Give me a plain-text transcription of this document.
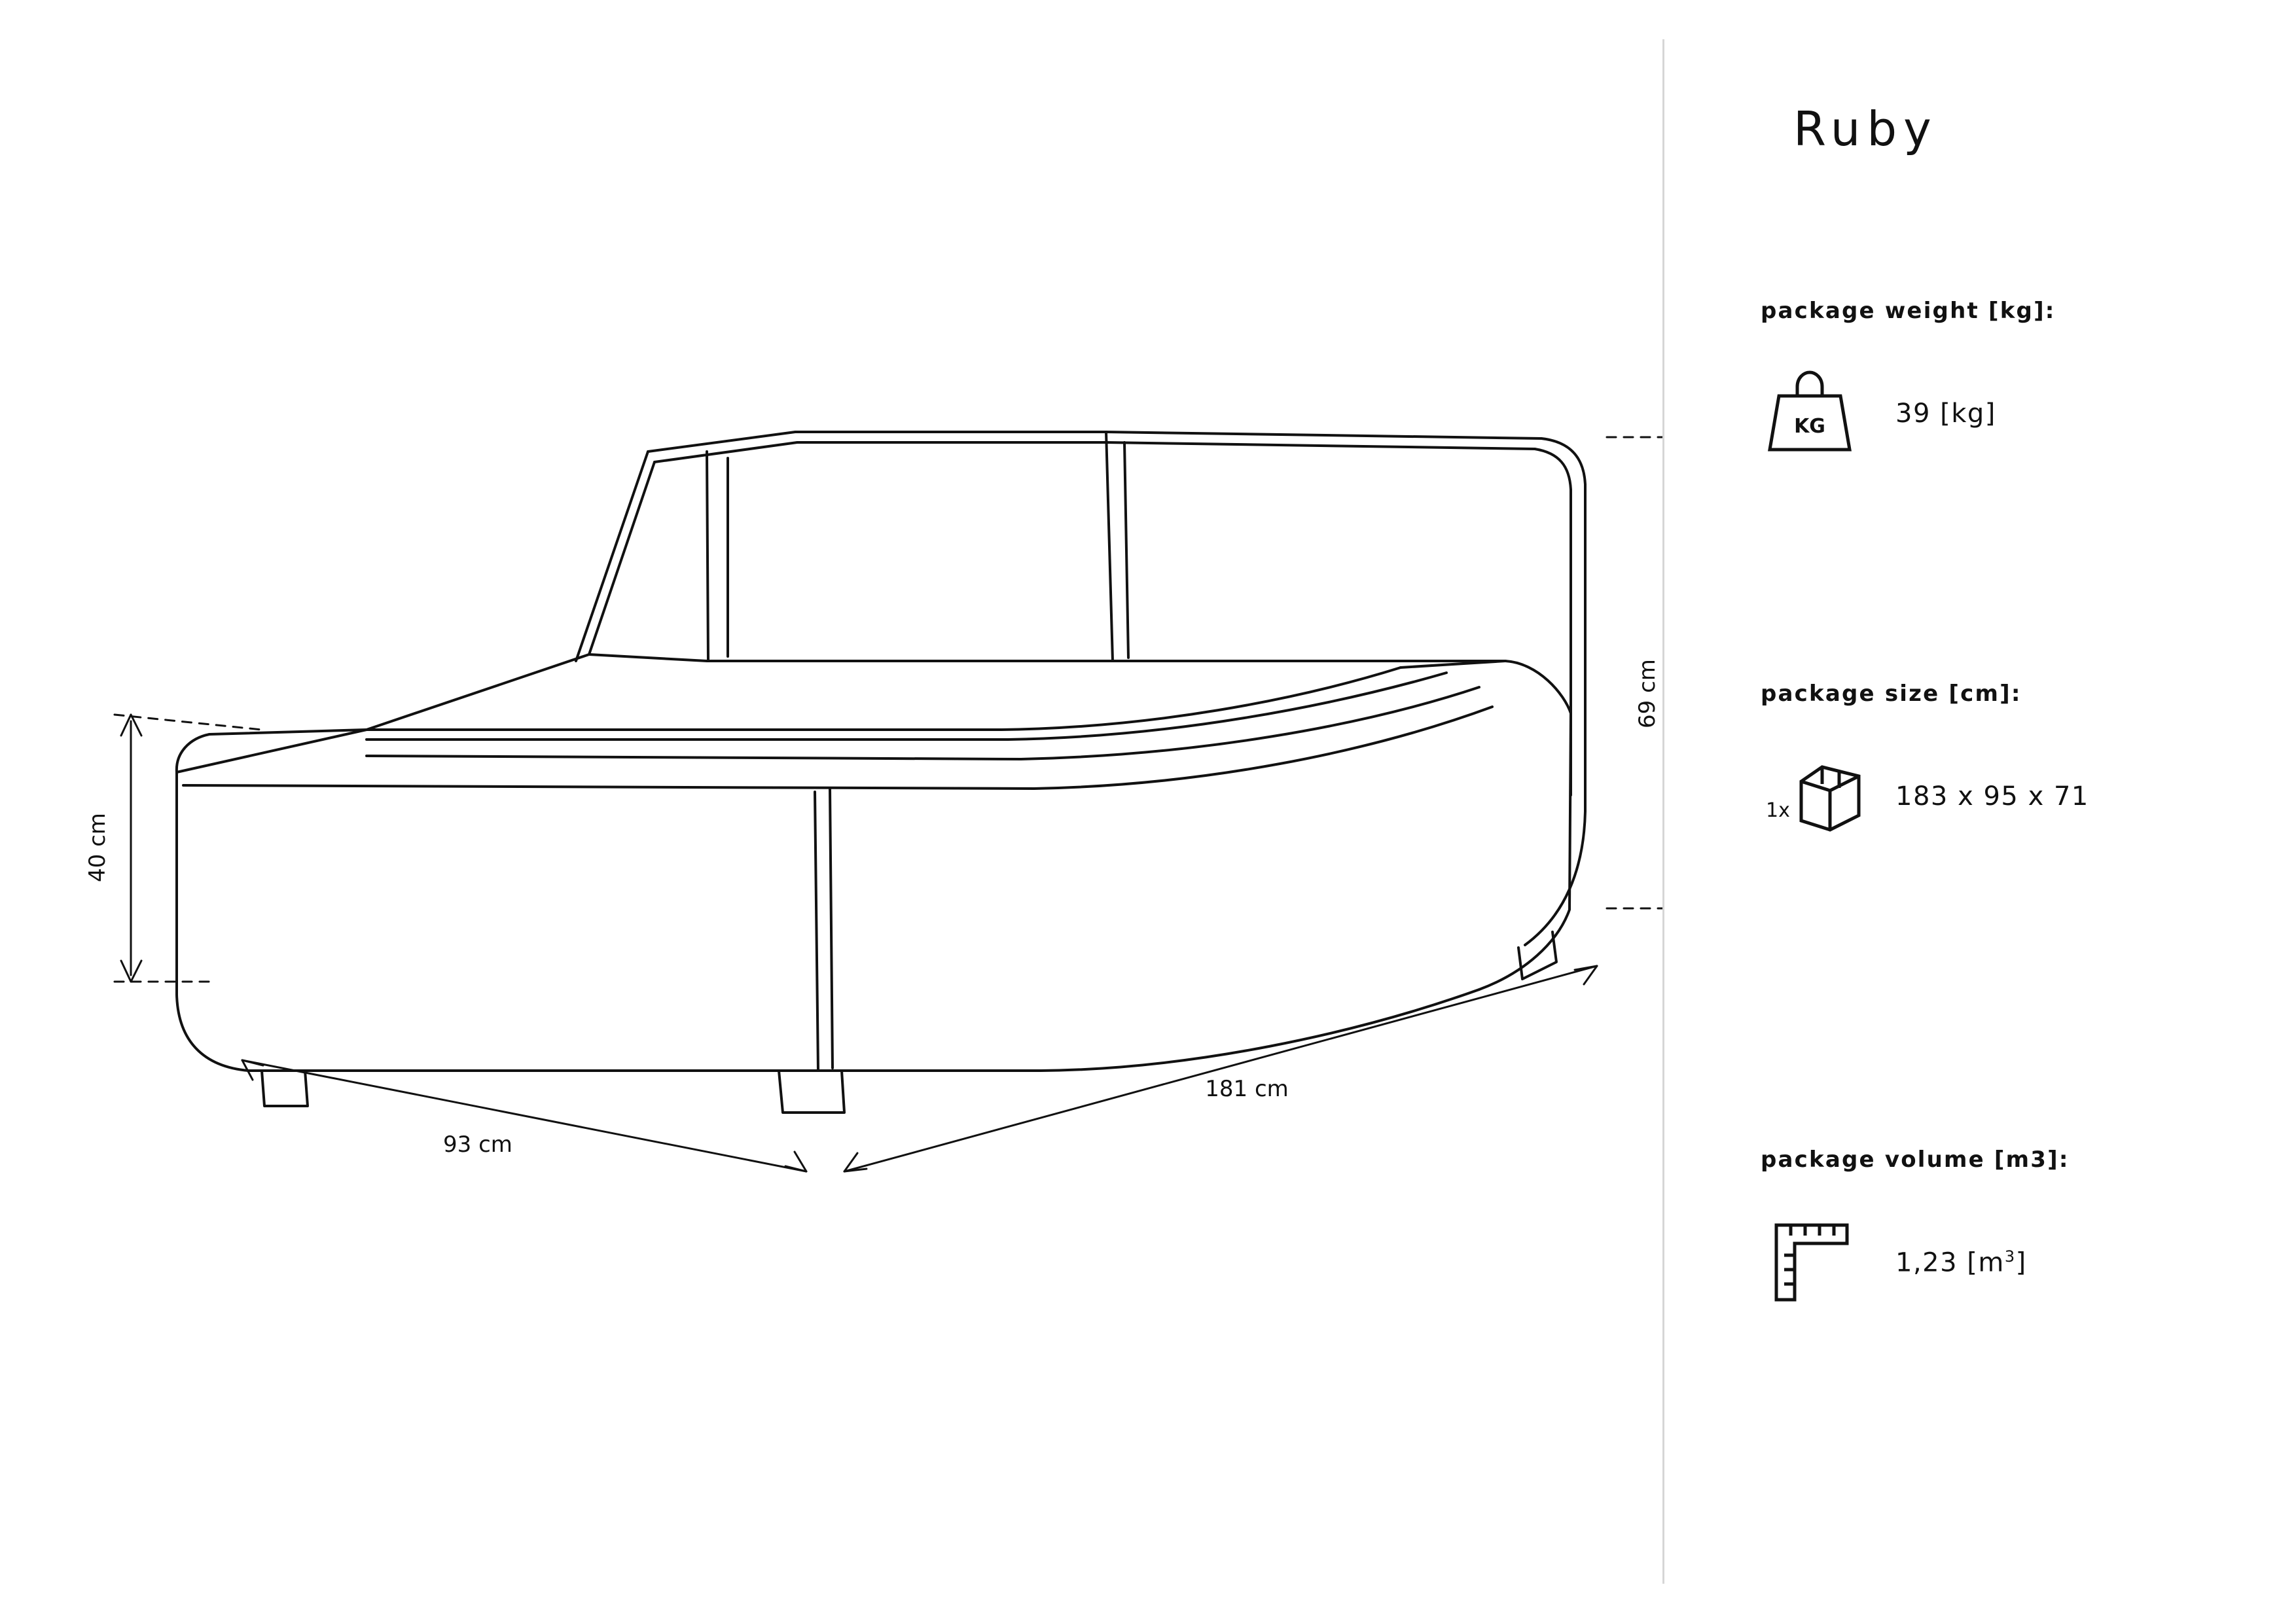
69 cm
40 cm
93 cm
181 cm
Ruby
package weight [kg]:
KG	39 [kg]
package size [cm]:
1x	183 x 95 x 71
package volume [m3]:
1,23 $[m^3]$
